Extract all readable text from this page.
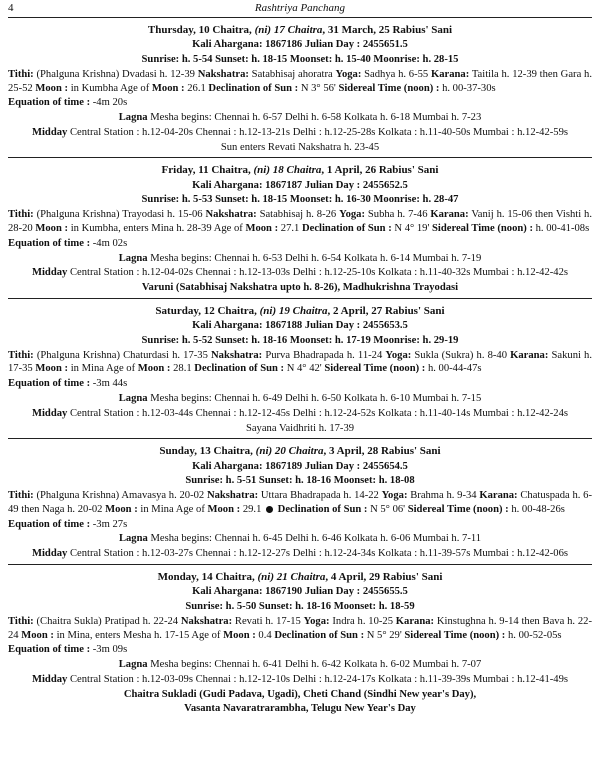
4	Rashtriya Panchang
Thursday, 10 Chaitra, (ni) 17 Chaitra, 31 March, 25 Rabius' Sani
Kali Ahargana: 1867186 Julian Day : 2455651.5
Sunrise: h. 5-54 Sunset: h. 18-15 Moonset: h. 15-40 Moonrise: h. 28-15
Tithi: (Phalguna Krishna) Dvadasi h. 12-39 Nakshatra: Satabhisaj ahoratra Yoga: Sadhya h. 6-55 Karana: Taitila h. 12-39 then Gara h. 25-52 Moon : in Kumbha Age of Moon : 26.1 Declination of Sun : N 3° 56' Sidereal Time (noon) : h. 00-37-30s
Equation of time : -4m 20s
Lagna Mesha begins: Chennai h. 6-57 Delhi h. 6-58 Kolkata h. 6-18 Mumbai h. 7-23
Midday Central Station : h.12-04-20s Chennai : h.12-13-21s Delhi : h.12-25-28s Kolkata : h.11-40-50s Mumbai : h.12-42-59s
Sun enters Revati Nakshatra h. 23-45
Friday, 11 Chaitra, (ni) 18 Chaitra, 1 April, 26 Rabius' Sani
Kali Ahargana: 1867187 Julian Day : 2455652.5
Sunrise: h. 5-53 Sunset: h. 18-15 Moonset: h. 16-30 Moonrise: h. 28-47
Tithi: (Phalguna Krishna) Trayodasi h. 15-06 Nakshatra: Satabhisaj h. 8-26 Yoga: Subha h. 7-46 Karana: Vanij h. 15-06 then Vishti h. 28-20 Moon : in Kumbha, enters Mina h. 28-39 Age of Moon : 27.1 Declination of Sun : N 4° 19' Sidereal Time (noon) : h. 00-41-08s
Equation of time : -4m 02s
Lagna Mesha begins: Chennai h. 6-53 Delhi h. 6-54 Kolkata h. 6-14 Mumbai h. 7-19
Midday Central Station : h.12-04-02s Chennai : h.12-13-03s Delhi : h.12-25-10s Kolkata : h.11-40-32s Mumbai : h.12-42-42s
Varuni (Satabhisaj Nakshatra upto h. 8-26), Madhukrishna Trayodasi
Saturday, 12 Chaitra, (ni) 19 Chaitra, 2 April, 27 Rabius' Sani
Kali Ahargana: 1867188 Julian Day : 2455653.5
Sunrise: h. 5-52 Sunset: h. 18-16 Moonset: h. 17-19 Moonrise: h. 29-19
Tithi: (Phalguna Krishna) Chaturdasi h. 17-35 Nakshatra: Purva Bhadrapada h. 11-24 Yoga: Sukla (Sukra) h. 8-40 Karana: Sakuni h. 17-35 Moon : in Mina Age of Moon : 28.1 Declination of Sun : N 4° 42' Sidereal Time (noon) : h. 00-44-47s
Equation of time : -3m 44s
Lagna Mesha begins: Chennai h. 6-49 Delhi h. 6-50 Kolkata h. 6-10 Mumbai h. 7-15
Midday Central Station : h.12-03-44s Chennai : h.12-12-45s Delhi : h.12-24-52s Kolkata : h.11-40-14s Mumbai : h.12-42-24s
Sayana Vaidhriti h. 17-39
Sunday, 13 Chaitra, (ni) 20 Chaitra, 3 April, 28 Rabius' Sani
Kali Ahargana: 1867189 Julian Day : 2455654.5
Sunrise: h. 5-51 Sunset: h. 18-16 Moonset: h. 18-08
Tithi: (Phalguna Krishna) Amavasya h. 20-02 Nakshatra: Uttara Bhadrapada h. 14-22 Yoga: Brahma h. 9-34 Karana: Chatuspada h. 6-49 then Naga h. 20-02 Moon : in Mina Age of Moon : 29.1 Declination of Sun : N 5° 06' Sidereal Time (noon) : h. 00-48-26s
Equation of time : -3m 27s
Lagna Mesha begins: Chennai h. 6-45 Delhi h. 6-46 Kolkata h. 6-06 Mumbai h. 7-11
Midday Central Station : h.12-03-27s Chennai : h.12-12-27s Delhi : h.12-24-34s Kolkata : h.11-39-57s Mumbai : h.12-42-06s
Monday, 14 Chaitra, (ni) 21 Chaitra, 4 April, 29 Rabius' Sani
Kali Ahargana: 1867190 Julian Day : 2455655.5
Sunrise: h. 5-50 Sunset: h. 18-16 Moonset: h. 18-59
Tithi: (Chaitra Sukla) Pratipad h. 22-24 Nakshatra: Revati h. 17-15 Yoga: Indra h. 10-25 Karana: Kinstughna h. 9-14 then Bava h. 22-24 Moon : in Mina, enters Mesha h. 17-15 Age of Moon : 0.4 Declination of Sun : N 5° 29' Sidereal Time (noon) : h. 00-52-05s
Equation of time : -3m 09s
Lagna Mesha begins: Chennai h. 6-41 Delhi h. 6-42 Kolkata h. 6-02 Mumbai h. 7-07
Midday Central Station : h.12-03-09s Chennai : h.12-12-10s Delhi : h.12-24-17s Kolkata : h.11-39-39s Mumbai : h.12-41-49s
Chaitra Sukladi (Gudi Padava, Ugadi), Cheti Chand (Sindhi New year's Day),
Vasanta Navaratrarambha, Telugu New Year's Day
